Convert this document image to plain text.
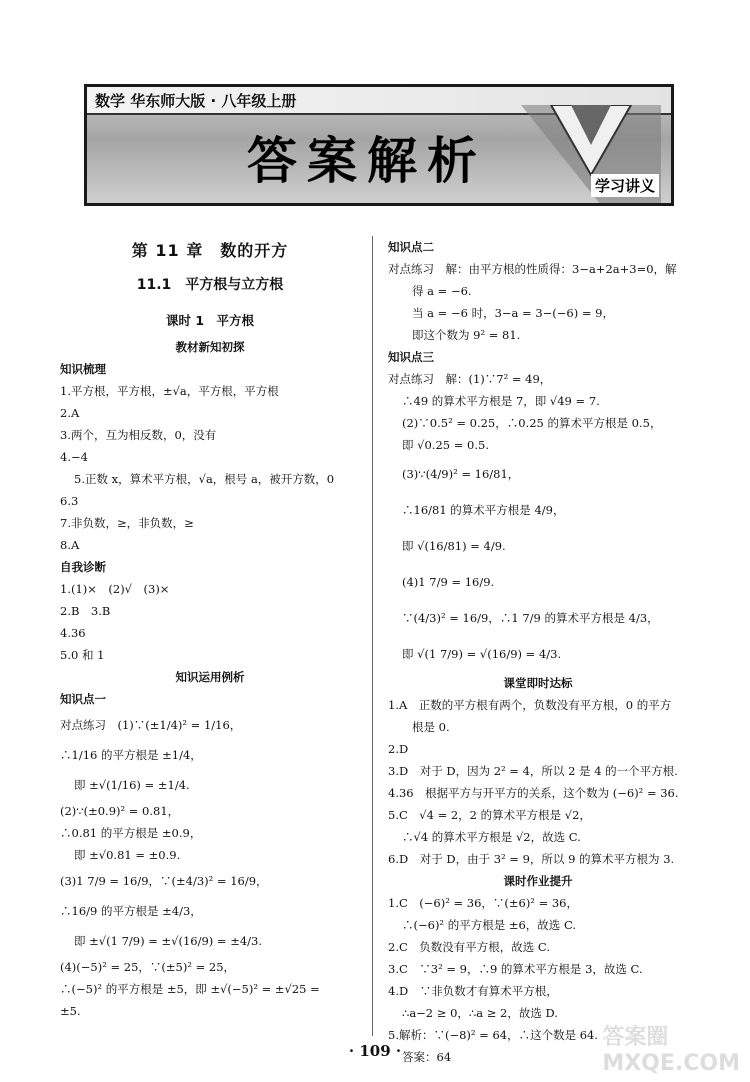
数学 华东师大版 · 八年级上册
答案解析	学习讲义
第 11 章　数的开方
11.1　平方根与立方根
课时 1　平方根
教材新知初探
知识梳理
1.平方根，平方根，±√a，平方根，平方根
2.A
3.两个，互为相反数，0，没有
4.−4
5.正数 x，算术平方根，√a，根号 a，被开方数，0
6.3
7.非负数，≥，非负数，≥
8.A
自我诊断
1.(1)×　(2)√　(3)×
2.B　3.B
4.36
5.0 和 1
知识运用例析
知识点一
对点练习　(1)∵(±1/4)² = 1/16，
∴1/16 的平方根是 ±1/4，
即 ±√(1/16) = ±1/4.
(2)∵(±0.9)² = 0.81，
∴0.81 的平方根是 ±0.9，
即 ±√0.81 = ±0.9.
(3)1 7/9 = 16/9，∵(±4/3)² = 16/9，
∴16/9 的平方根是 ±4/3，
即 ±√(1 7/9) = ±√(16/9) = ±4/3.
(4)(−5)² = 25，∵(±5)² = 25，
∴(−5)² 的平方根是 ±5，即 ±√(−5)² = ±√25 =
±5.
知识点二
对点练习　解：由平方根的性质得：3−a+2a+3=0，解
得 a = −6.
当 a = −6 时，3−a = 3−(−6) = 9，
即这个数为 9² = 81.
知识点三
对点练习　解：(1)∵7² = 49，
∴49 的算术平方根是 7，即 √49 = 7.
(2)∵0.5² = 0.25，∴0.25 的算术平方根是 0.5，
即 √0.25 = 0.5.
(3)∵(4/9)² = 16/81，
∴16/81 的算术平方根是 4/9，
即 √(16/81) = 4/9.
(4)1 7/9 = 16/9.
∵(4/3)² = 16/9，∴1 7/9 的算术平方根是 4/3，
即 √(1 7/9) = √(16/9) = 4/3.
课堂即时达标
1.A　正数的平方根有两个，负数没有平方根，0 的平方
根是 0.
2.D
3.D　对于 D，因为 2² = 4，所以 2 是 4 的一个平方根.
4.36　根据平方与开平方的关系，这个数为 (−6)² = 36.
5.C　√4 = 2，2 的算术平方根是 √2，
∴√4 的算术平方根是 √2，故选 C.
6.D　对于 D，由于 3² = 9，所以 9 的算术平方根为 3.
课时作业提升
1.C　(−6)² = 36，∵(±6)² = 36，
∴(−6)² 的平方根是 ±6，故选 C.
2.C　负数没有平方根，故选 C.
3.C　∵3² = 9，∴9 的算术平方根是 3，故选 C.
4.D　∵非负数才有算术平方根，
∴a−2 ≥ 0，∴a ≥ 2，故选 D.
5.解析：∵(−8)² = 64，∴这个数是 64.
答案：64
· 109 ·
答案圈 MXQE.COM
